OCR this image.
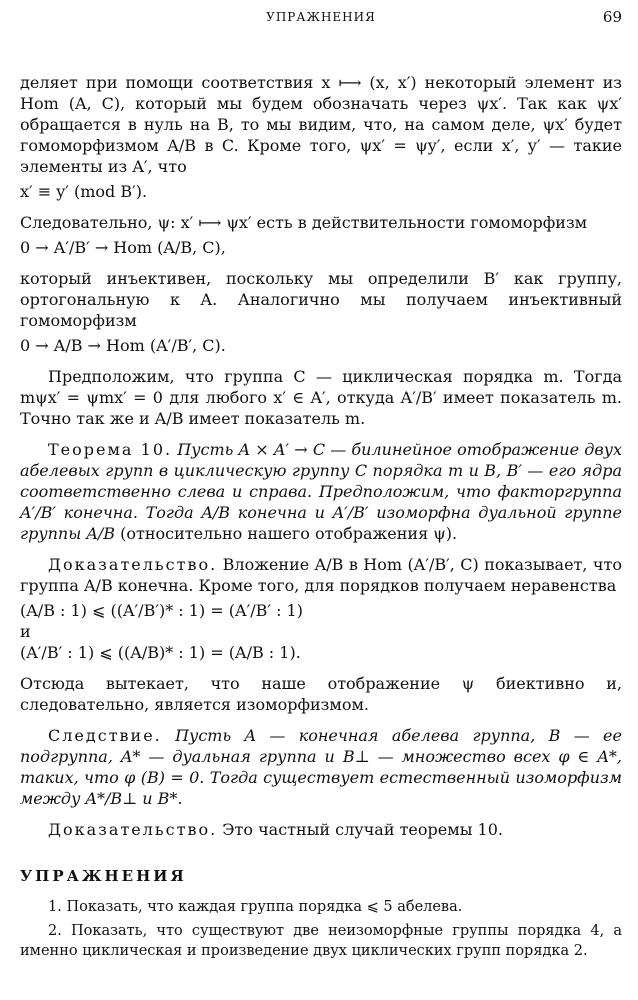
УПРАЖНЕНИЯ	69

деляет при помощи соответствия x ⟼ (x, x′) некоторый элемент из Hom (A, C), который мы будем обозначать через ψx′. Так как ψx′ обращается в нуль на B, то мы видим, что, на самом деле, ψx′ будет гомоморфизмом A/B в C. Кроме того, ψx′ = ψy′, если x′, y′ — такие элементы из A′, что

x′ ≡ y′ (mod B′).

Следовательно, ψ: x′ ⟼ ψx′ есть в действительности гомоморфизм

0 → A′/B′ → Hom (A/B, C),

который инъективен, поскольку мы определили B′ как группу, ортогональную к A. Аналогично мы получаем инъективный гомоморфизм

0 → A/B → Hom (A′/B′, C).

Предположим, что группа C — циклическая порядка m. Тогда mψx′ = ψmx′ = 0 для любого x′ ∈ A′, откуда A′/B′ имеет показатель m. Точно так же и A/B имеет показатель m.

Теорема 10. Пусть A × A′ → C — билинейное отображение двух абелевых групп в циклическую группу C порядка m и B, B′ — его ядра соответственно слева и справа. Предположим, что факторгруппа A′/B′ конечна. Тогда A/B конечна и A′/B′ изоморфна дуальной группе группы A/B (относительно нашего отображения ψ).

Доказательство. Вложение A/B в Hom (A′/B′, C) показывает, что группа A/B конечна. Кроме того, для порядков получаем неравенства

(A/B : 1) ⩽ ((A′/B′)* : 1) = (A′/B′ : 1)

и

(A′/B′ : 1) ⩽ ((A/B)* : 1) = (A/B : 1).

Отсюда вытекает, что наше отображение ψ биективно и, следовательно, является изоморфизмом.

Следствие. Пусть A — конечная абелева группа, B — ее подгруппа, A* — дуальная группа и B⊥ — множество всех φ ∈ A*, таких, что φ (B) = 0. Тогда существует естественный изоморфизм между A*/B⊥ и B*.

Доказательство. Это частный случай теоремы 10.

УПРАЖНЕНИЯ

1. Показать, что каждая группа порядка ⩽ 5 абелева.

2. Показать, что существуют две неизоморфные группы порядка 4, а именно циклическая и произведение двух циклических групп порядка 2.
